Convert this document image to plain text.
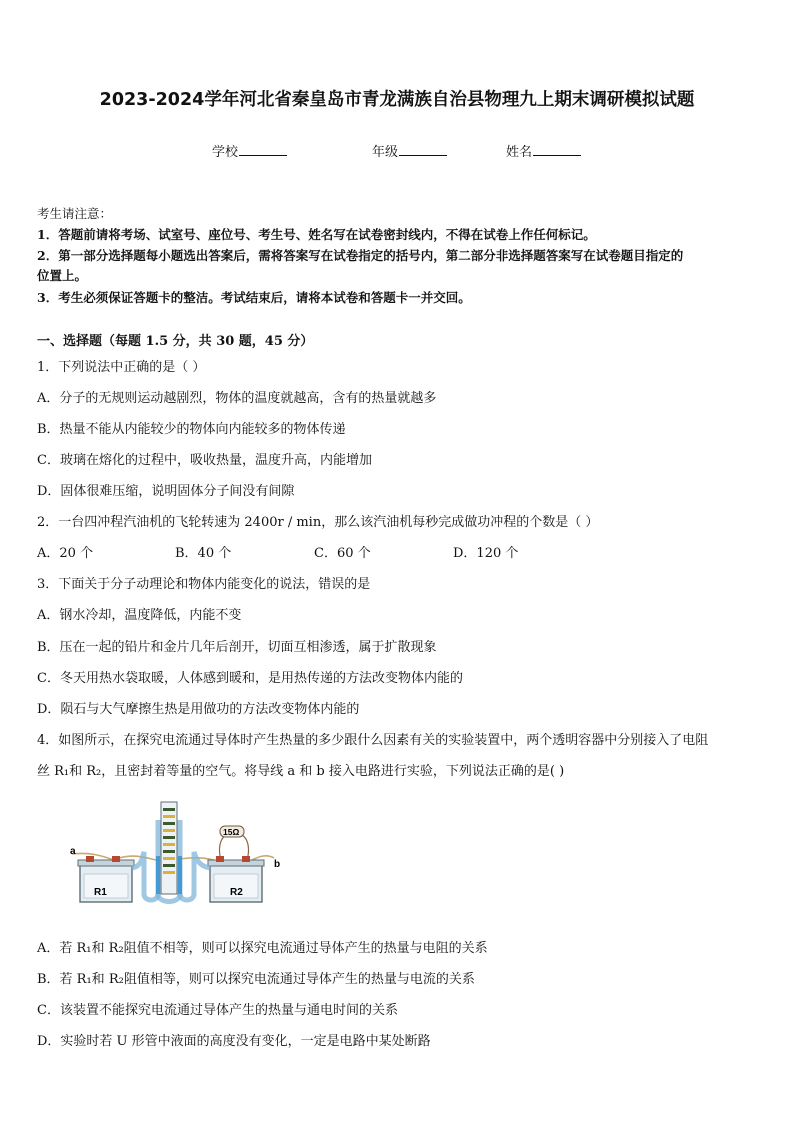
2023-2024学年河北省秦皇岛市青龙满族自治县物理九上期末调研模拟试题
学校	年级	姓名
考生请注意：
1．答题前请将考场、试室号、座位号、考生号、姓名写在试卷密封线内，不得在试卷上作任何标记。
2．第一部分选择题每小题选出答案后，需将答案写在试卷指定的括号内，第二部分非选择题答案写在试卷题目指定的
位置上。
3．考生必须保证答题卡的整洁。考试结束后，请将本试卷和答题卡一并交回。
一、选择题（每题 1.5 分，共 30 题，45 分）
1．下列说法中正确的是（ ）
A．分子的无规则运动越剧烈，物体的温度就越高，含有的热量就越多
B．热量不能从内能较少的物体向内能较多的物体传递
C．玻璃在熔化的过程中，吸收热量，温度升高，内能增加
D．固体很难压缩，说明固体分子间没有间隙
2．一台四冲程汽油机的飞轮转速为 2400r / min，那么该汽油机每秒完成做功冲程的个数是（ ）
A．20 个	B．40 个	C．60 个	D．120 个
3．下面关于分子动理论和物体内能变化的说法，错误的是
A．钢水冷却，温度降低，内能不变
B．压在一起的铅片和金片几年后剖开，切面互相渗透，属于扩散现象
C．冬天用热水袋取暖，人体感到暖和，是用热传递的方法改变物体内能的
D．陨石与大气摩擦生热是用做功的方法改变物体内能的
4．如图所示，在探究电流通过导体时产生热量的多少跟什么因素有关的实验装置中，两个透明容器中分别接入了电阻
丝 R₁和 R₂，且密封着等量的空气。将导线 a 和 b 接入电路进行实验，下列说法正确的是( )
a
b
R1	R2
15Ω
A．若 R₁和 R₂阻值不相等，则可以探究电流通过导体产生的热量与电阻的关系
B．若 R₁和 R₂阻值相等，则可以探究电流通过导体产生的热量与电流的关系
C．该装置不能探究电流通过导体产生的热量与通电时间的关系
D．实验时若 U 形管中液面的高度没有变化，一定是电路中某处断路
